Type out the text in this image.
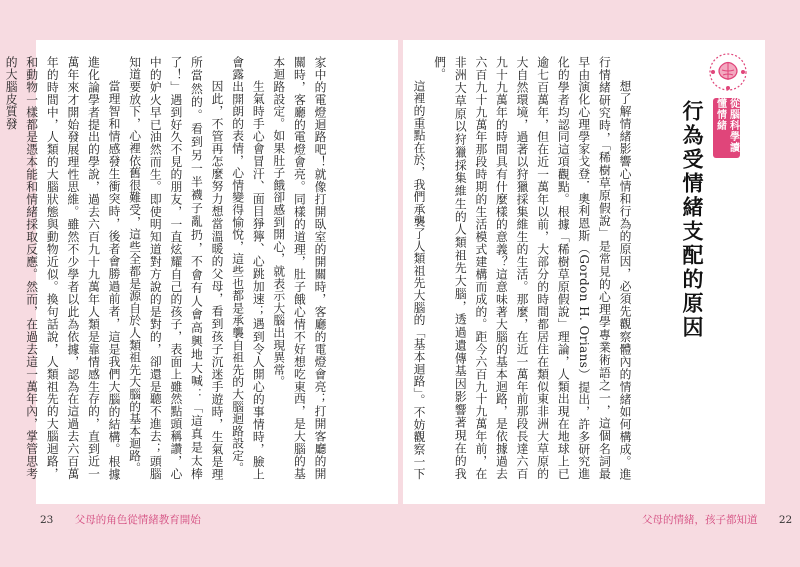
家中的電燈迴路吧！就像打開臥室的開關時，客廳的電燈會亮；打開客廳的開關時，客廳的電燈會亮。同樣的道理，肚子餓心情不好想吃東西，是大腦的基本迴路設定。如果肚子餓卻感到開心，就表示大腦出現異常。

生氣時手心會冒汗、面目猙獰、心跳加速；遇到令人開心的事情時，臉上會露出開朗的表情，心情變得愉悅，這些也都是承襲自祖先的大腦迴路設定。

因此，不管再怎麼努力想當溫暖的父母，看到孩子沉迷手遊時，生氣是理所當然的。看到另一半襪子亂扔，不會有人會高興地大喊：「這真是太棒了！」遇到好久不見的朋友，一直炫耀自己的孩子，表面上雖然點頭稱讚，心中的妒火早已油然而生。即使明知道對方說的是對的，卻還是聽不進去；頭腦知道要放下，心裡依舊很難受，這些全都是源自於人類祖先大腦的基本迴路。

當理智和情感發生衝突時，後者會勝過前者，這是我們大腦的結構。根據進化論學者提出的學說，過去六百九十九萬年人類是靠情感生存的，直到近一萬年來才開始發展理性思維。雖然不少學者以此為依據，認為在這過去六百萬年的時間中，人類的大腦狀態與動物近似。換句話說，人類祖先的大腦迴路，和動物一樣都是憑本能和情緒採取反應。然而，在過去這一萬年內，掌管思考的大腦皮質發	從腦科學讀懂情緒
行為受情緒支配的原因

想了解情緒影響心情和行為的原因，必須先觀察體內的情緒如何構成。進行情緒研究時，「稀樹草原假說」是常見的心理學專業術語之一，這個名詞最早由演化心理學家戈登．奧利恩斯（Gordon H. Orians）提出，許多研究進化的學者均認同這項觀點。根據「稀樹草原假說」理論，人類出現在地球上已逾七百萬年，但在近一萬年以前，大部分的時間都居住在類似東非洲大草原的大自然環境，過著以狩獵採集維生的生活。那麼，在近一萬年前那段長達六百九十九萬年的時間具有什麼樣的意義？這意味著大腦的基本迴路，是依據過去六百九十九萬年那段時期的生活模式建構而成的。距今六百九十九萬年前，在非洲大草原以狩獵採集維生的人類祖先大腦，透過遺傳基因影響著現在的我們。

這裡的重點在於，我們承襲了人類祖先大腦的「基本迴路」。不妨觀察一下

23 父母的角色從情緒教育開始	父母的情緒，孩子都知道 22
